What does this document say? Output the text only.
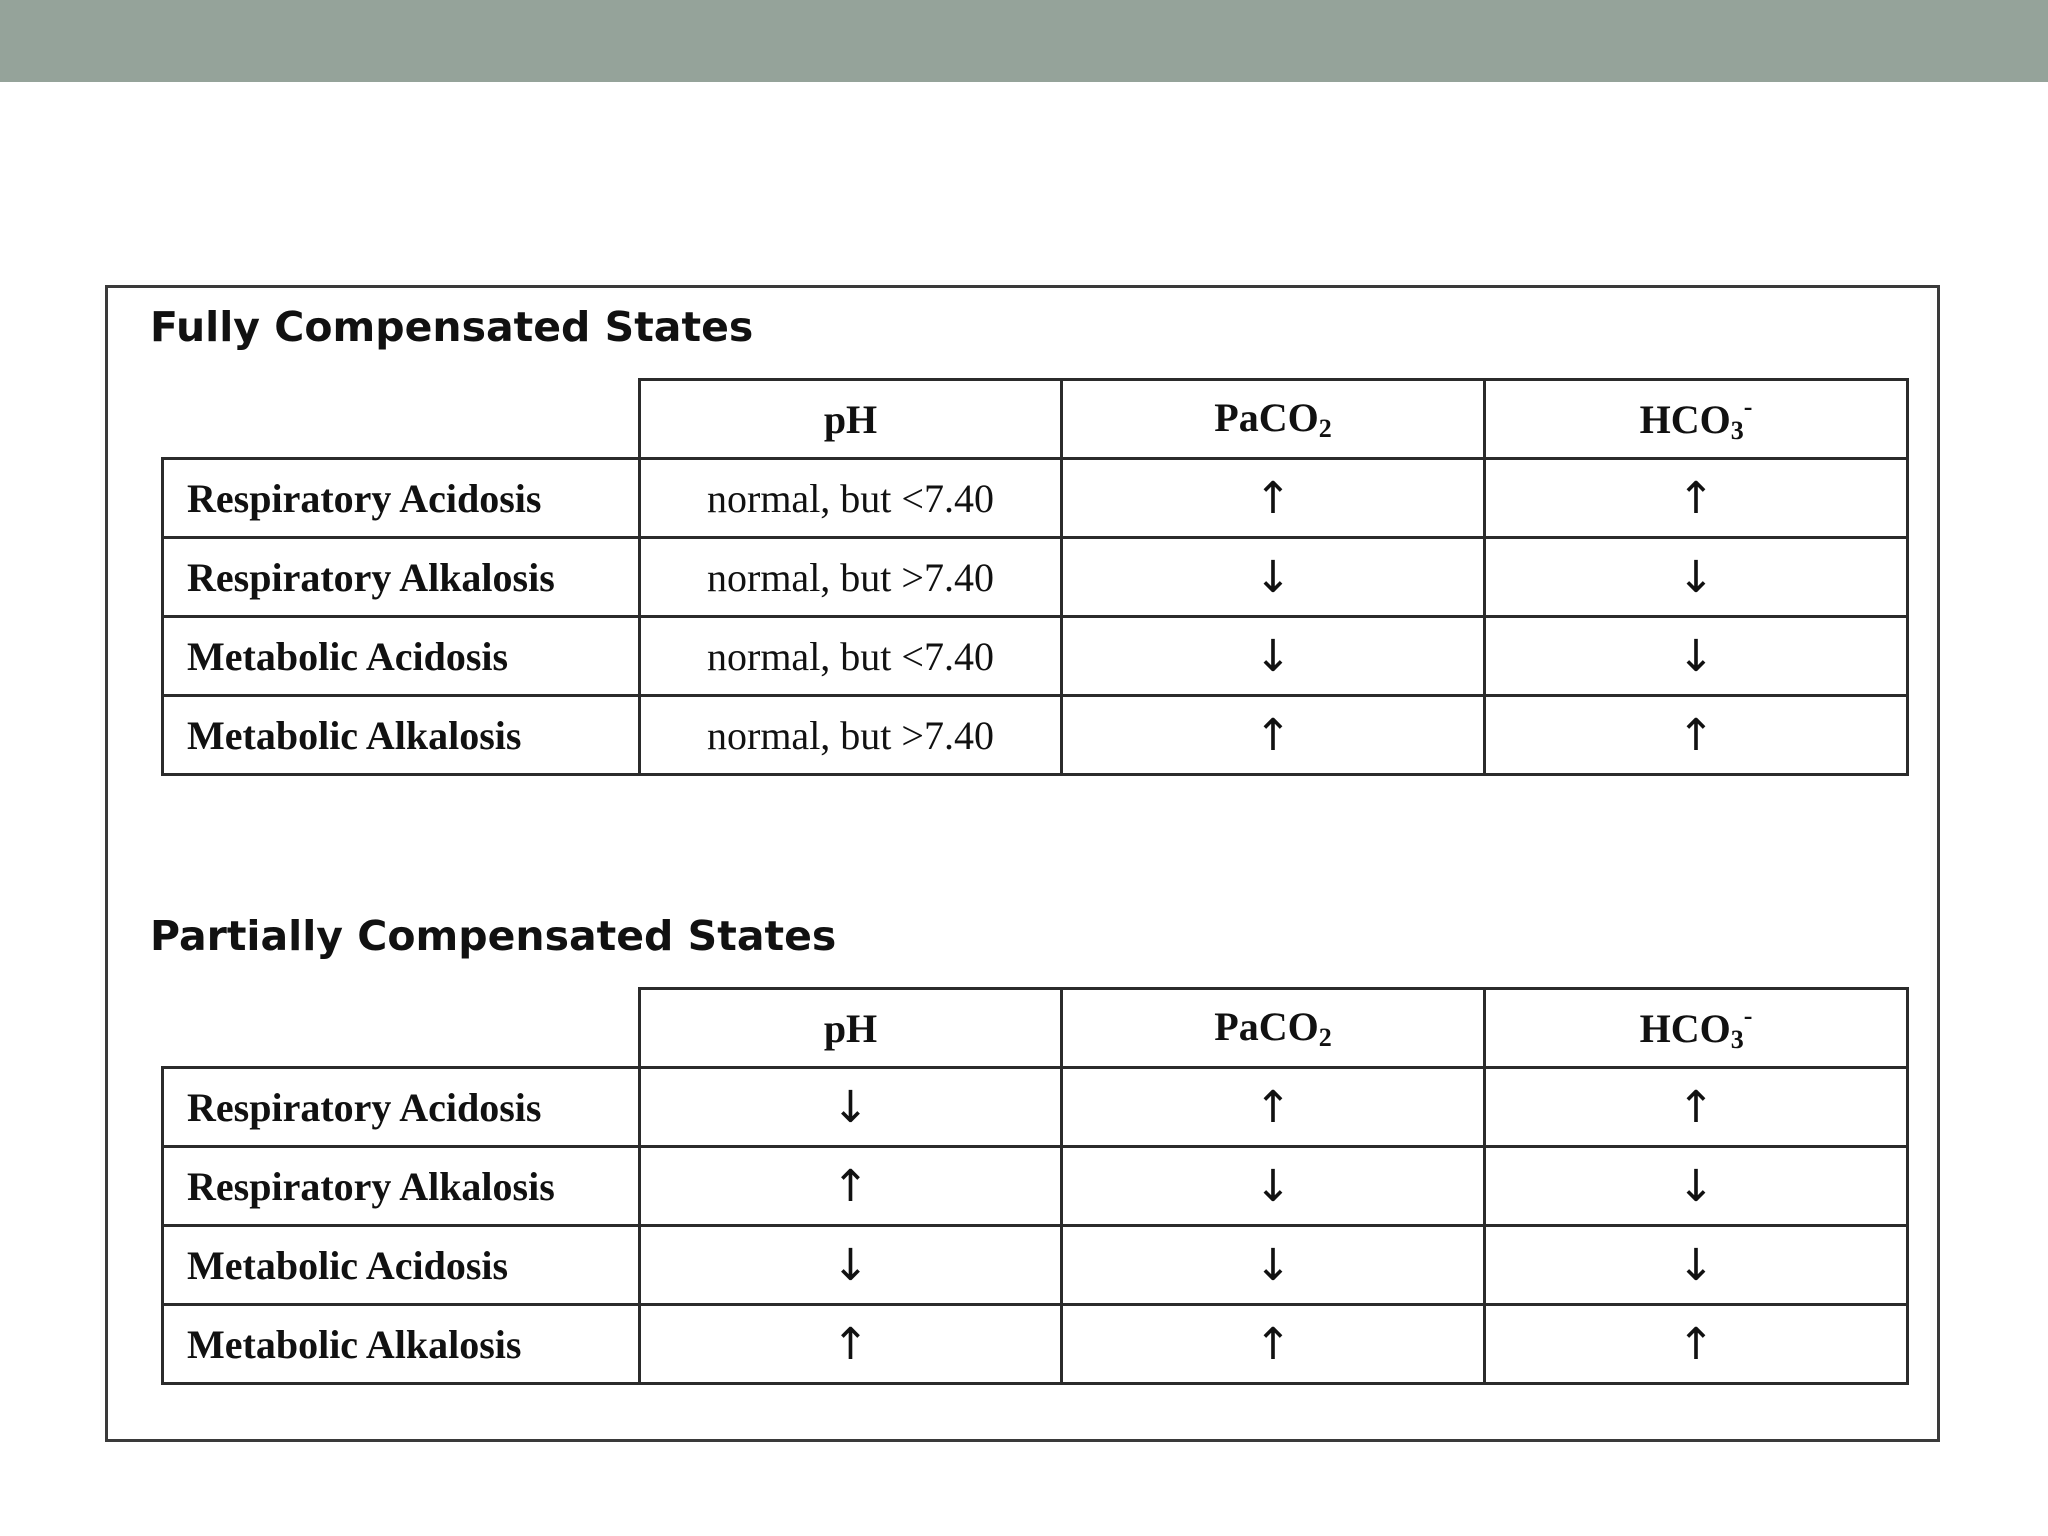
Fully Compensated States
	pH	PaCO$_2$	$HCO_3^-$
Respiratory Acidosis	normal, but <7.40	↑	↑
Respiratory Alkalosis	normal, but >7.40	↓	↓
Metabolic Acidosis	normal, but <7.40	↓	↓
Metabolic Alkalosis	normal, but >7.40	↑	↑
Partially Compensated States
	pH	PaCO$_2$	$HCO_3^-$
Respiratory Acidosis	↓	↑	↑
Respiratory Alkalosis	↑	↓	↓
Metabolic Acidosis	↓	↓	↓
Metabolic Alkalosis	↑	↑	↑
